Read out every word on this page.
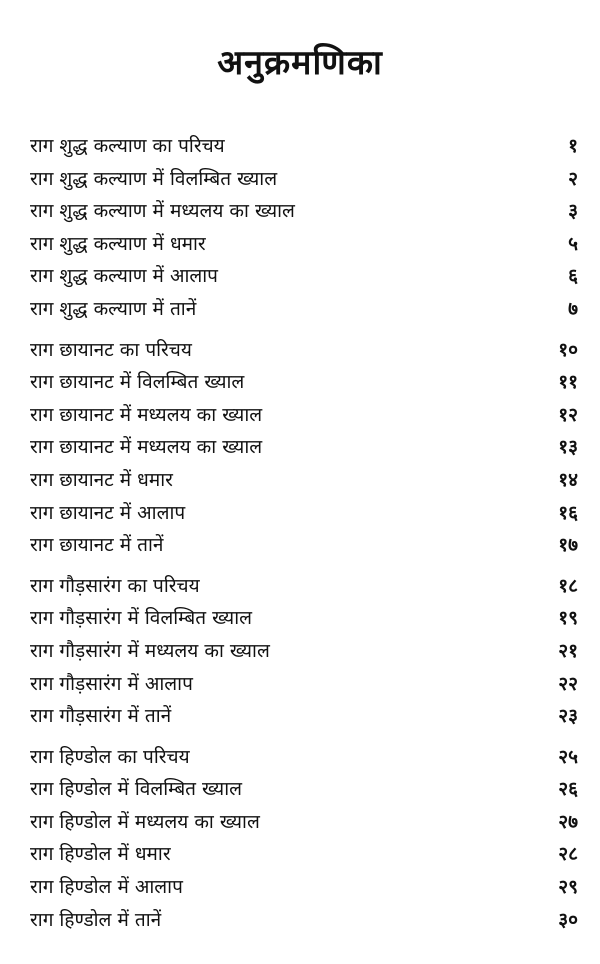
अनुक्रमणिका
राग शुद्ध कल्याण का परिचय	१
राग शुद्ध कल्याण में विलम्बित ख्याल	२
राग शुद्ध कल्याण में मध्यलय का ख्याल	३
राग शुद्ध कल्याण में धमार	५
राग शुद्ध कल्याण में आलाप	६
राग शुद्ध कल्याण में तानें	७
राग छायानट का परिचय	१०
राग छायानट में विलम्बित ख्याल	११
राग छायानट में मध्यलय का ख्याल	१२
राग छायानट में मध्यलय का ख्याल	१३
राग छायानट में धमार	१४
राग छायानट में आलाप	१६
राग छायानट में तानें	१७
राग गौड़सारंग का परिचय	१८
राग गौड़सारंग में विलम्बित ख्याल	१९
राग गौड़सारंग में मध्यलय का ख्याल	२१
राग गौड़सारंग में आलाप	२२
राग गौड़सारंग में तानें	२३
राग हिण्डोल का परिचय	२५
राग हिण्डोल में विलम्बित ख्याल	२६
राग हिण्डोल में मध्यलय का ख्याल	२७
राग हिण्डोल में धमार	२८
राग हिण्डोल में आलाप	२९
राग हिण्डोल में तानें	३०
